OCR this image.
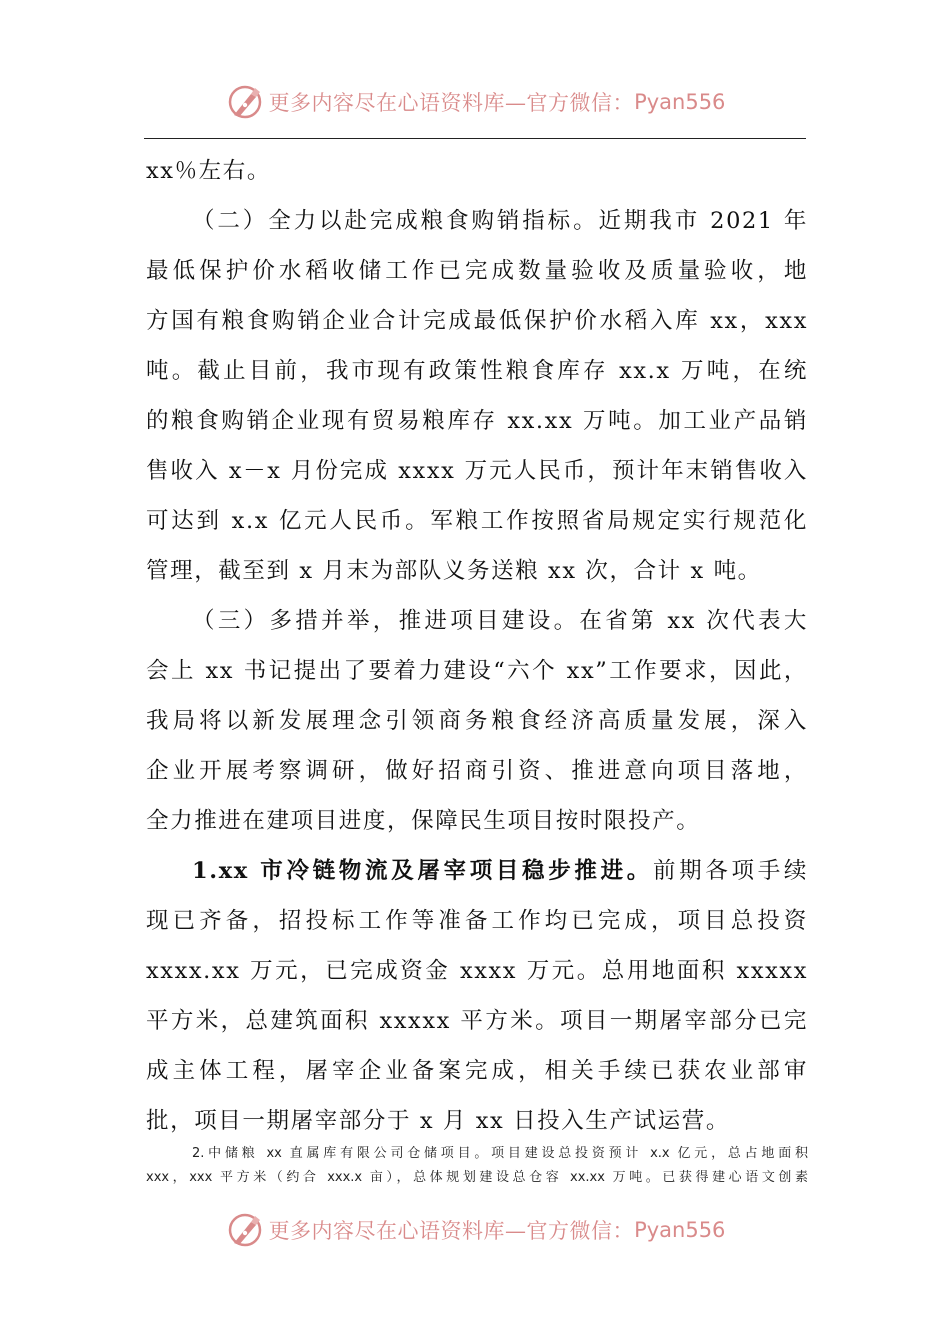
更多内容尽在心语资料库—官方微信： Pyan556
xx％左右。
（二）全力以赴完成粮食购销指标。近期我市 2021 年
最低保护价水稻收储工作已完成数量验收及质量验收，地
方国有粮食购销企业合计完成最低保护价水稻入库 xx，xxx
吨。截止目前，我市现有政策性粮食库存 xx.x 万吨，在统
的粮食购销企业现有贸易粮库存 xx.xx 万吨。加工业产品销
售收入 x－x 月份完成 xxxx 万元人民币，预计年末销售收入
可达到 x.x 亿元人民币。军粮工作按照省局规定实行规范化
管理，截至到 x 月末为部队义务送粮 xx 次，合计 x 吨。
（三）多措并举，推进项目建设。在省第 xx 次代表大
会上 xx 书记提出了要着力建设“六个 xx”工作要求，因此，
我局将以新发展理念引领商务粮食经济高质量发展，深入
企业开展考察调研，做好招商引资、推进意向项目落地，
全力推进在建项目进度，保障民生项目按时限投产。
1.xx 市冷链物流及屠宰项目稳步推进。前期各项手续
现已齐备，招投标工作等准备工作均已完成，项目总投资
xxxx.xx 万元，已完成资金 xxxx 万元。总用地面积 xxxxx
平方米，总建筑面积 xxxxx 平方米。项目一期屠宰部分已完
成主体工程，屠宰企业备案完成，相关手续已获农业部审
批，项目一期屠宰部分于 x 月 xx 日投入生产试运营。
2.中储粮 xx 直属库有限公司仓储项目。项目建设总投资预计 x.x 亿元，总占地面积
xxx，xxx 平方米（约合 xxx.x 亩），总体规划建设总仓容 xx.xx 万吨。已获得建心语文创素
更多内容尽在心语资料库—官方微信： Pyan556
